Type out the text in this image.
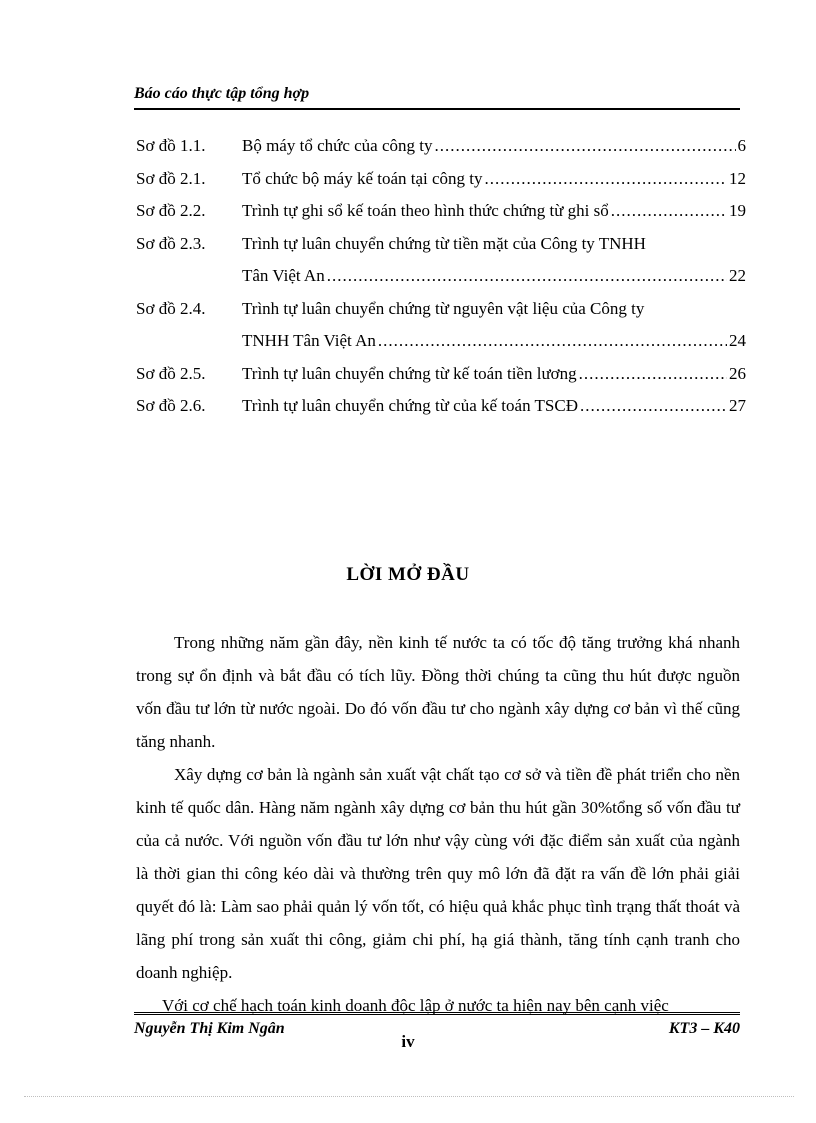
Báo cáo thực tập tổng hợp
Sơ đồ 1.1.	Bộ máy tổ chức của công ty .....	6
Sơ đồ 2.1.	Tổ chức bộ máy kế toán tại công ty .....	12
Sơ đồ 2.2.	Trình tự ghi sổ kế toán theo hình thức chứng từ ghi sổ .....	19
Sơ đồ 2.3.	Trình tự luân chuyển chứng từ tiền mặt của Công ty TNHH
Tân Việt An .....	22
Sơ đồ 2.4.	Trình tự luân chuyển chứng từ nguyên vật liệu của Công ty
TNHH Tân Việt An .....	24
Sơ đồ 2.5.	Trình tự luân chuyển chứng từ kế toán tiền lương .....	26
Sơ đồ 2.6.	Trình tự luân chuyển chứng từ của kế toán TSCĐ .....	27
LỜI MỞ ĐẦU

Trong những năm gần đây, nền kinh tế nước ta có tốc độ tăng trưởng khá nhanh trong sự ổn định và bắt đầu có tích lũy. Đồng thời chúng ta cũng thu hút được nguồn vốn đầu tư lớn từ nước ngoài. Do đó vốn đầu tư cho ngành xây dựng cơ bản vì thế cũng tăng nhanh.

Xây dựng cơ bản là ngành sản xuất vật chất tạo cơ sở và tiền đề phát triển cho nền kinh tế quốc dân. Hàng năm ngành xây dựng cơ bản thu hút gần 30%tổng số vốn đầu tư của cả nước. Với nguồn vốn đầu tư lớn như vậy cùng với đặc điểm sản xuất của ngành là thời gian thi công kéo dài và thường trên quy mô lớn đã đặt ra vấn đề lớn phải giải quyết đó là: Làm sao phải quản lý vốn tốt, có hiệu quả khắc phục tình trạng thất thoát và lãng phí trong sản xuất thi công, giảm chi phí, hạ giá thành, tăng tính cạnh tranh cho doanh nghiệp.

Với cơ chế hạch toán kinh doanh độc lập ở nước ta hiện nay bên cạnh việc

Nguyễn Thị Kim Ngân	KT3 – K40
iv
